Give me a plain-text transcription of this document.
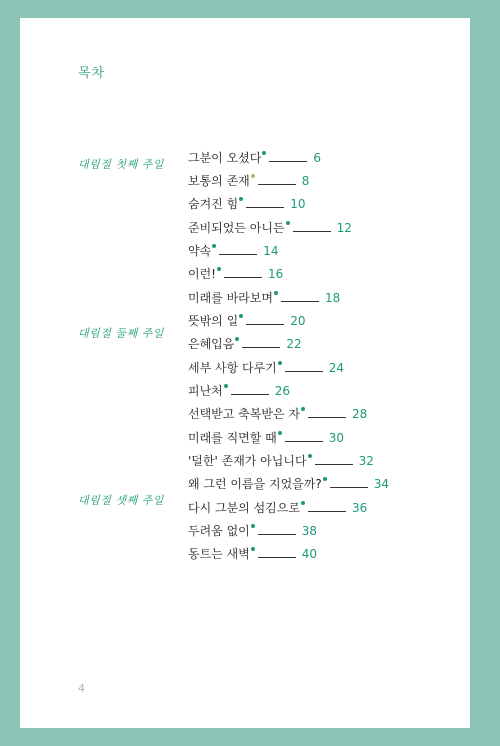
목차
대림절 첫째 주일
대림절 둘째 주일
대림절 셋째 주일
그분이 오셨다	6
보통의 존재	8
숨겨진 힘	10
준비되었든 아니든	12
약속	14
이런!	16
미래를 바라보며	18
뜻밖의 일	20
은혜입음	22
세부 사항 다루기	24
피난처	26
선택받고 축복받은 자	28
미래를 직면할 때	30
'덜한' 존재가 아닙니다	32
왜 그런 이름을 지었을까?	34
다시 그분의 섬김으로	36
두려움 없이	38
동트는 새벽	40
4
